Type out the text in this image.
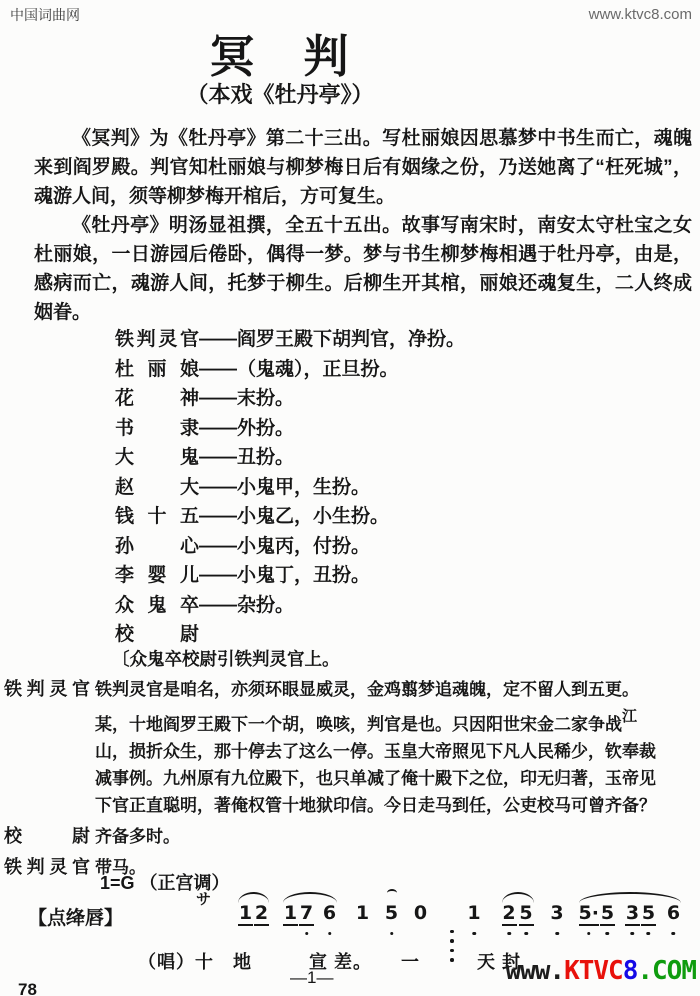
中国词曲网	www.ktvc8.com
冥　判
（本戏《牡丹亭》）

《冥判》为《牡丹亭》第二十三出。写杜丽娘因思慕梦中书生而亡，魂魄来到阎罗殿。判官知杜丽娘与柳梦梅日后有姻缘之份，乃送她离了“枉死城”，魂游人间，须等柳梦梅开棺后，方可复生。

《牡丹亭》明汤显祖撰，全五十五出。故事写南宋时，南安太守杜宝之女杜丽娘，一日游园后倦卧，偶得一梦。梦与书生柳梦梅相遇于牡丹亭，由是，感病而亡，魂游人间，托梦于柳生。后柳生开其棺，丽娘还魂复生，二人终成姻眷。

铁判灵官——阎罗王殿下胡判官，净扮。
杜丽娘——（鬼魂），正旦扮。
花神——末扮。
书隶——外扮。
大鬼——丑扮。
赵大——小鬼甲，生扮。
钱十五——小鬼乙，小生扮。
孙心——小鬼丙，付扮。
李婴儿——小鬼丁，丑扮。
众鬼卒——杂扮。
校尉
〔众鬼卒校尉引铁判灵官上。
铁判灵官 铁判灵官是咱名，亦须环眼显威灵，金鸡翦梦追魂魄，定不留人到五更。
某，十地阎罗王殿下一个胡，唤咳，判官是也。只因阳世宋金二家争战江
山，损折众生，那十停去了这么一停。玉皇大帝照见下凡人民稀少，钦奉裁
减事例。九州原有九位殿下，也只单减了俺十殿下之位，印无归著，玉帝见
下官正直聪明，著俺权管十地狱印信。今日走马到任，公吏校马可曾齐备？
校　尉 齐备多时。
铁判灵官 带马。
1=G （正宫调）
【点绛唇】
サ
1 2 1 7 6 1 5 0 1 2 5 3 5·
5 3 5 6
（唱）十　地　　　宣 差。　　一　　　天 封
78
—1—	www.KTVC8.COM
